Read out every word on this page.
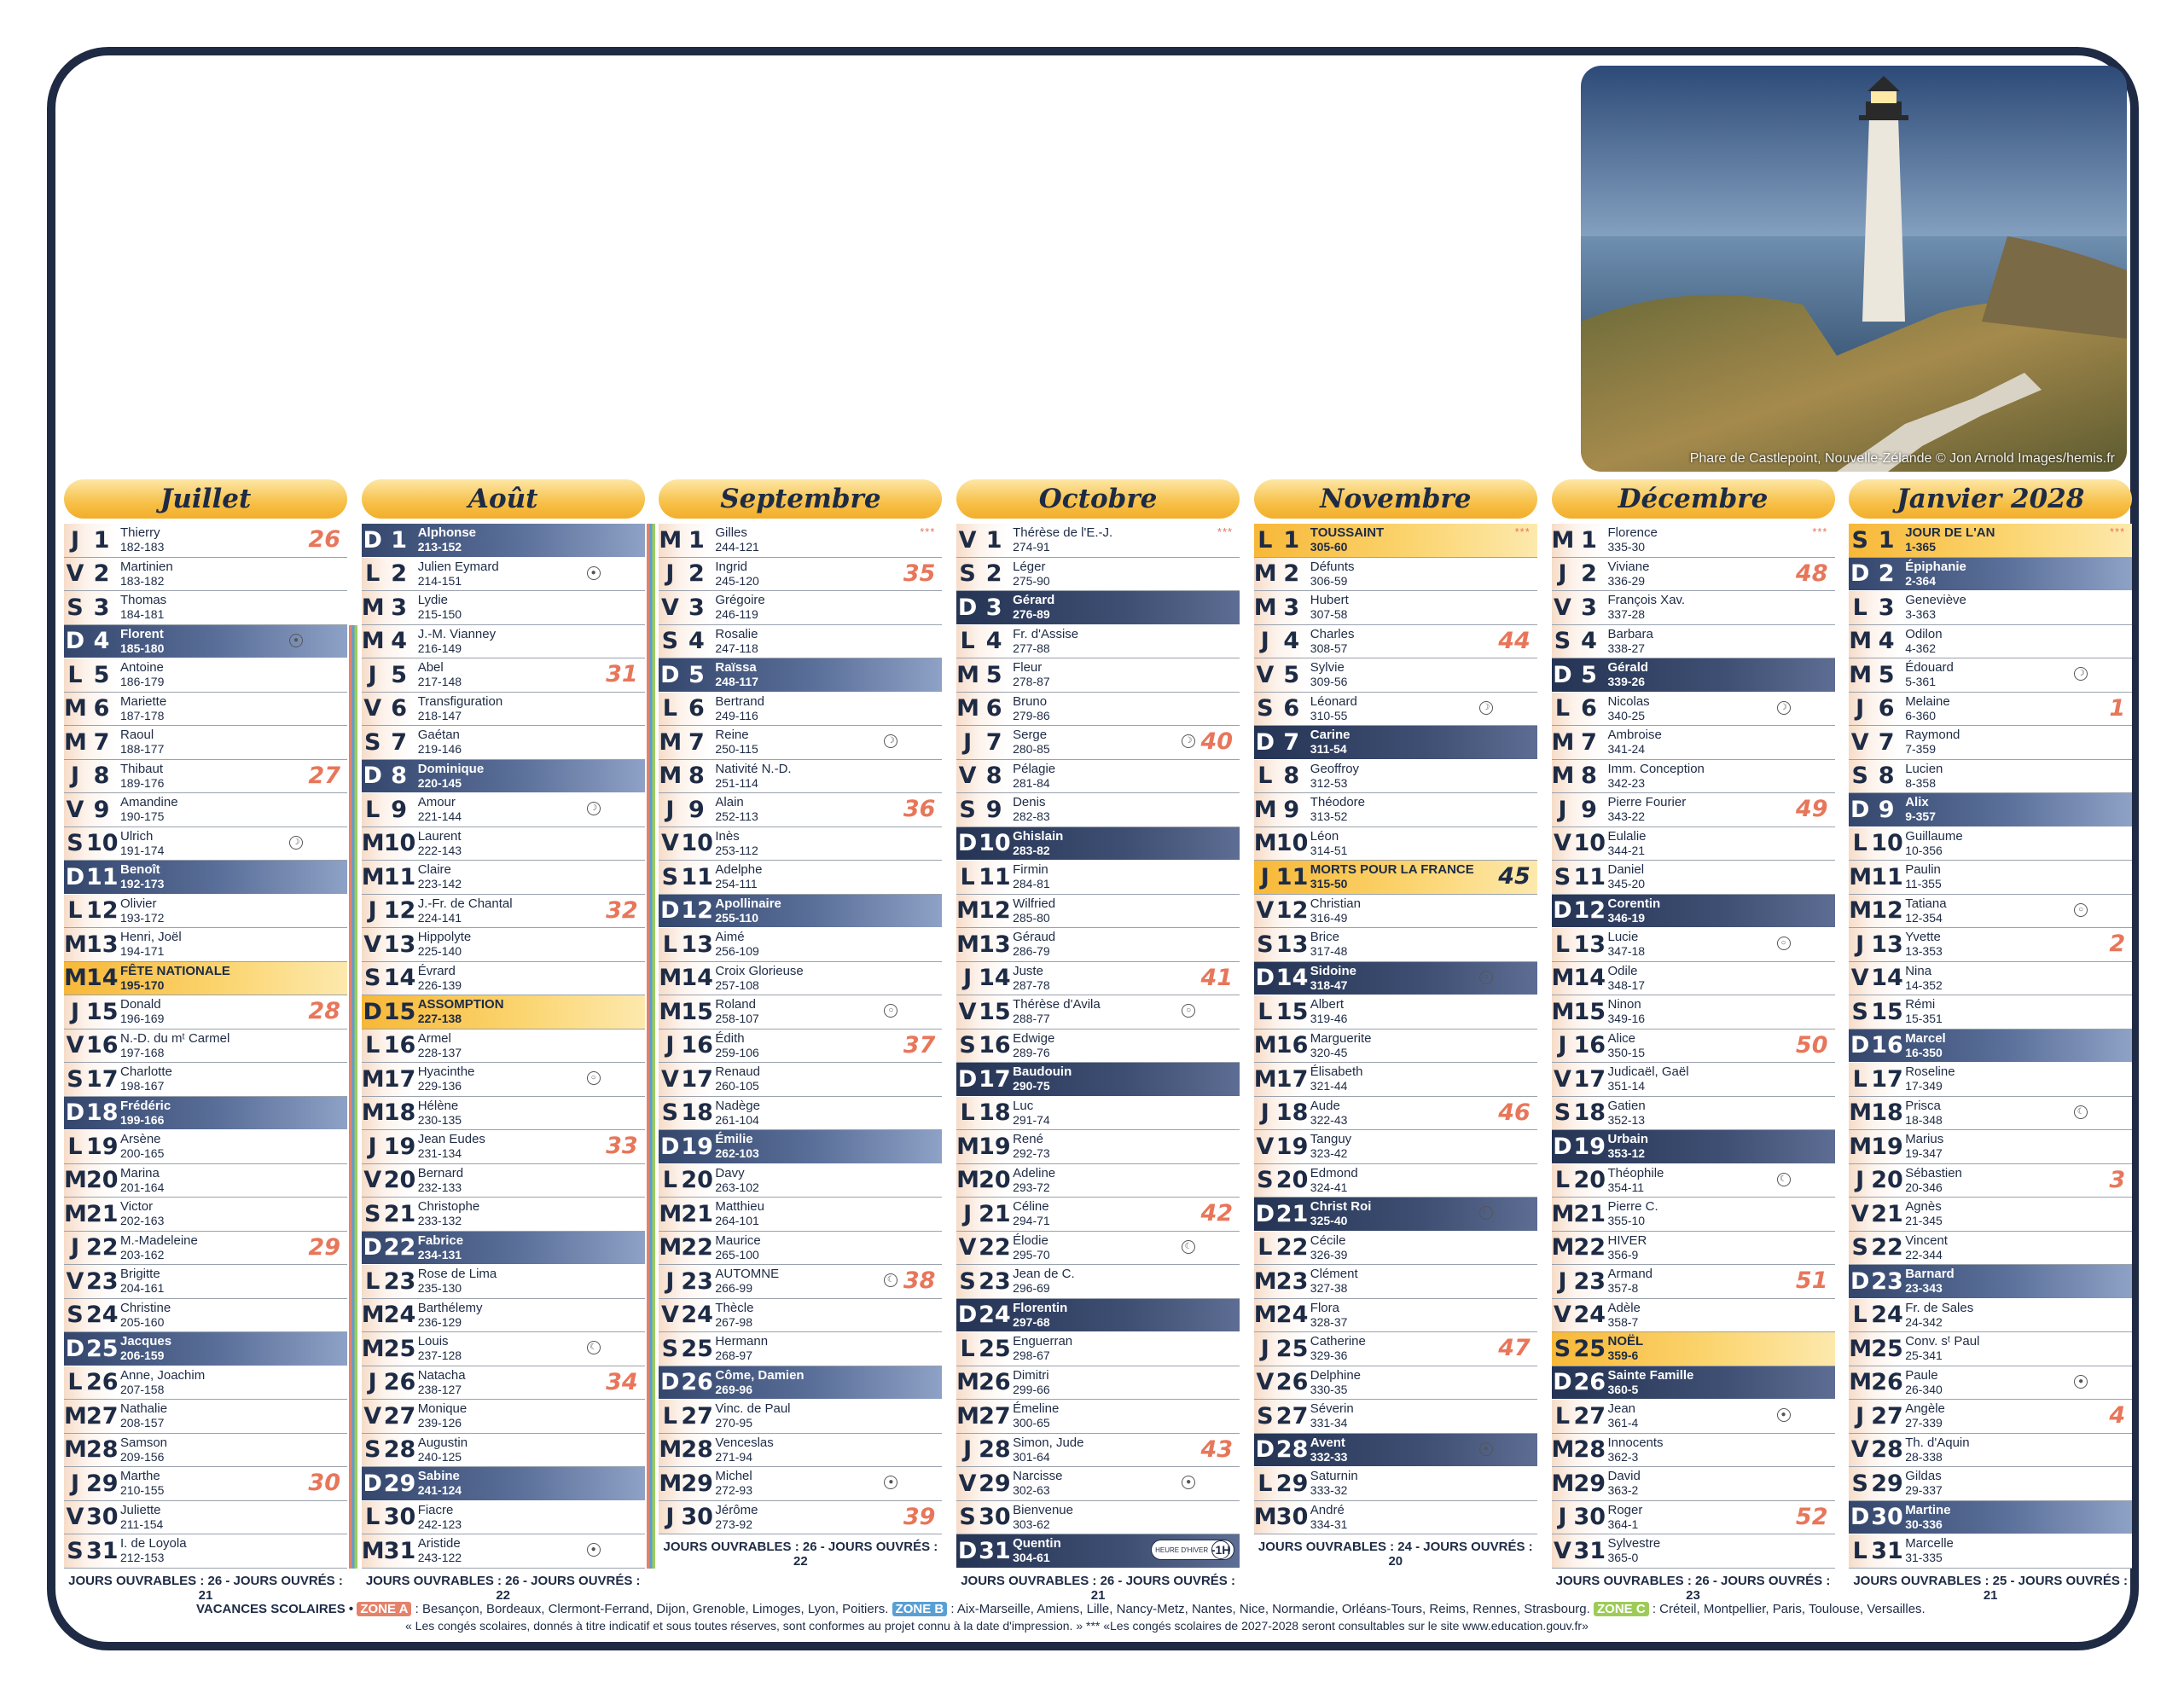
Phare de Castlepoint, Nouvelle-Zélande © Jon Arnold Images/hemis.fr
Juillet
J 1 Thierry
182-183	26
V 2 Martinien
183-182
S 3 Thomas
184-181
D 4 Florent
185-180
●
L 5 Antoine
186-179
M 6 Mariette
187-178
M 7 Raoul
188-177
J 8 Thibaut
189-176	27
V 9 Amandine
190-175
S 10 Ulrich
191-174
☽
D 11 Benoît
192-173
L 12 Olivier
193-172
M 13 Henri, Joël
194-171
M 14 FÊTE NATIONALE
195-170
J 15 Donald
196-169	28
V 16 N.-D. du mᵗ Carmel
197-168
S 17 Charlotte
198-167
D 18 Frédéric
199-166
L 19 Arsène
200-165
M 20 Marina
201-164
M 21 Victor
202-163
J 22 M.-Madeleine
203-162	29
V 23 Brigitte
204-161
S 24 Christine
205-160
D 25 Jacques
206-159
L 26 Anne, Joachim
207-158
M 27 Nathalie
208-157
M 28 Samson
209-156
J 29 Marthe
210-155	30
V 30 Juliette
211-154
S 31 I. de Loyola
212-153
JOURS OUVRABLES : 26 - JOURS OUVRÉS : 21
Août
D 1 Alphonse
213-152
L 2 Julien Eymard
214-151
●
M 3 Lydie
215-150
M 4 J.-M. Vianney
216-149
J 5 Abel
217-148	31
V 6 Transfiguration
218-147
S 7 Gaétan
219-146
D 8 Dominique
220-145
L 9 Amour
221-144
☽
M 10 Laurent
222-143
M 11 Claire
223-142
J 12 J.-Fr. de Chantal
224-141	32
V 13 Hippolyte
225-140
S 14 Évrard
226-139
D 15 ASSOMPTION
227-138
L 16 Armel
228-137
M 17 Hyacinthe
229-136
○
M 18 Hélène
230-135
J 19 Jean Eudes
231-134	33
V 20 Bernard
232-133
S 21 Christophe
233-132
D 22 Fabrice
234-131
L 23 Rose de Lima
235-130
M 24 Barthélemy
236-129
M 25 Louis
237-128
☾
J 26 Natacha
238-127	34
V 27 Monique
239-126
S 28 Augustin
240-125
D 29 Sabine
241-124
L 30 Fiacre
242-123
M 31 Aristide
243-122
●
JOURS OUVRABLES : 26 - JOURS OUVRÉS : 22
Septembre
M 1 Gilles
244-121
***
J 2 Ingrid
245-120	35
V 3 Grégoire
246-119
S 4 Rosalie
247-118
D 5 Raïssa
248-117
L 6 Bertrand
249-116
M 7 Reine
250-115
☽
M 8 Nativité N.-D.
251-114
J 9 Alain
252-113	36
V 10 Inès
253-112
S 11 Adelphe
254-111
D 12 Apollinaire
255-110
L 13 Aimé
256-109
M 14 Croix Glorieuse
257-108
M 15 Roland
258-107
○
J 16 Édith
259-106	37
V 17 Renaud
260-105
S 18 Nadège
261-104
D 19 Émilie
262-103
L 20 Davy
263-102
M 21 Matthieu
264-101
M 22 Maurice
265-100
J 23 AUTOMNE
266-99	38
☾
V 24 Thècle
267-98
S 25 Hermann
268-97
D 26 Côme, Damien
269-96
L 27 Vinc. de Paul
270-95
M 28 Venceslas
271-94
M 29 Michel
272-93
●
J 30 Jérôme
273-92	39
JOURS OUVRABLES : 26 - JOURS OUVRÉS : 22
Octobre
V 1 Thérèse de l'E.-J.
274-91
***
S 2 Léger
275-90
D 3 Gérard
276-89
L 4 Fr. d'Assise
277-88
M 5 Fleur
278-87
M 6 Bruno
279-86
J 7 Serge
280-85	40
☽
V 8 Pélagie
281-84
S 9 Denis
282-83
D 10 Ghislain
283-82
L 11 Firmin
284-81
M 12 Wilfried
285-80
M 13 Géraud
286-79
J 14 Juste
287-78	41
V 15 Thérèse d'Avila
288-77
○
S 16 Edwige
289-76
D 17 Baudouin
290-75
L 18 Luc
291-74
M 19 René
292-73
M 20 Adeline
293-72
J 21 Céline
294-71	42
V 22 Élodie
295-70
☾
S 23 Jean de C.
296-69
D 24 Florentin
297-68
L 25 Enguerran
298-67
M 26 Dimitri
299-66
M 27 Émeline
300-65
J 28 Simon, Jude
301-64	43
V 29 Narcisse
302-63
●
S 30 Bienvenue
303-62
D 31 Quentin
304-61
HEURE D'HIVER -1H
JOURS OUVRABLES : 26 - JOURS OUVRÉS : 21
Novembre
L 1 TOUSSAINT
305-60
***
M 2 Défunts
306-59
M 3 Hubert
307-58
J 4 Charles
308-57	44
V 5 Sylvie
309-56
S 6 Léonard
310-55
☽
D 7 Carine
311-54
L 8 Geoffroy
312-53
M 9 Théodore
313-52
M 10 Léon
314-51
J 11 MORTS POUR LA FRANCE
315-50	45
V 12 Christian
316-49
S 13 Brice
317-48
D 14 Sidoine
318-47
○
L 15 Albert
319-46
M 16 Marguerite
320-45
M 17 Élisabeth
321-44
J 18 Aude
322-43	46
V 19 Tanguy
323-42
S 20 Edmond
324-41
D 21 Christ Roi
325-40
☾
L 22 Cécile
326-39
M 23 Clément
327-38
M 24 Flora
328-37
J 25 Catherine
329-36	47
V 26 Delphine
330-35
S 27 Séverin
331-34
D 28 Avent
332-33
●
L 29 Saturnin
333-32
M 30 André
334-31
JOURS OUVRABLES : 24 - JOURS OUVRÉS : 20
Décembre
M 1 Florence
335-30
***
J 2 Viviane
336-29	48
V 3 François Xav.
337-28
S 4 Barbara
338-27
D 5 Gérald
339-26
L 6 Nicolas
340-25
☽
M 7 Ambroise
341-24
M 8 Imm. Conception
342-23
J 9 Pierre Fourier
343-22	49
V 10 Eulalie
344-21
S 11 Daniel
345-20
D 12 Corentin
346-19
L 13 Lucie
347-18
○
M 14 Odile
348-17
M 15 Ninon
349-16
J 16 Alice
350-15	50
V 17 Judicaël, Gaël
351-14
S 18 Gatien
352-13
D 19 Urbain
353-12
L 20 Théophile
354-11
☾
M 21 Pierre C.
355-10
M 22 HIVER
356-9
J 23 Armand
357-8	51
V 24 Adèle
358-7
S 25 NOËL
359-6
D 26 Sainte Famille
360-5
L 27 Jean
361-4
●
M 28 Innocents
362-3
M 29 David
363-2
J 30 Roger
364-1	52
V 31 Sylvestre
365-0
JOURS OUVRABLES : 26 - JOURS OUVRÉS : 23
Janvier 2028
S 1 JOUR DE L'AN
1-365
***
D 2 Épiphanie
2-364
L 3 Geneviève
3-363
M 4 Odilon
4-362
M 5 Édouard
5-361
☽
J 6 Melaine
6-360	1
V 7 Raymond
7-359
S 8 Lucien
8-358
D 9 Alix
9-357
L 10 Guillaume
10-356
M 11 Paulin
11-355
M 12 Tatiana
12-354
○
J 13 Yvette
13-353	2
V 14 Nina
14-352
S 15 Rémi
15-351
D 16 Marcel
16-350
L 17 Roseline
17-349
M 18 Prisca
18-348
☾
M 19 Marius
19-347
J 20 Sébastien
20-346	3
V 21 Agnès
21-345
S 22 Vincent
22-344
D 23 Barnard
23-343
L 24 Fr. de Sales
24-342
M 25 Conv. sᵗ Paul
25-341
M 26 Paule
26-340
●
J 27 Angèle
27-339	4
V 28 Th. d'Aquin
28-338
S 29 Gildas
29-337
D 30 Martine
30-336
L 31 Marcelle
31-335
JOURS OUVRABLES : 25 - JOURS OUVRÉS : 21
VACANCES SCOLAIRES • ZONE A : Besançon, Bordeaux, Clermont-Ferrand, Dijon, Grenoble, Limoges, Lyon, Poitiers. ZONE B : Aix-Marseille, Amiens, Lille, Nancy-Metz, Nantes, Nice, Normandie, Orléans-Tours, Reims, Rennes, Strasbourg. ZONE C : Créteil, Montpellier, Paris, Toulouse, Versailles.
« Les congés scolaires, donnés à titre indicatif et sous toutes réserves, sont conformes au projet connu à la date d'impression. » *** «Les congés scolaires de 2027-2028 seront consultables sur le site www.education.gouv.fr»
